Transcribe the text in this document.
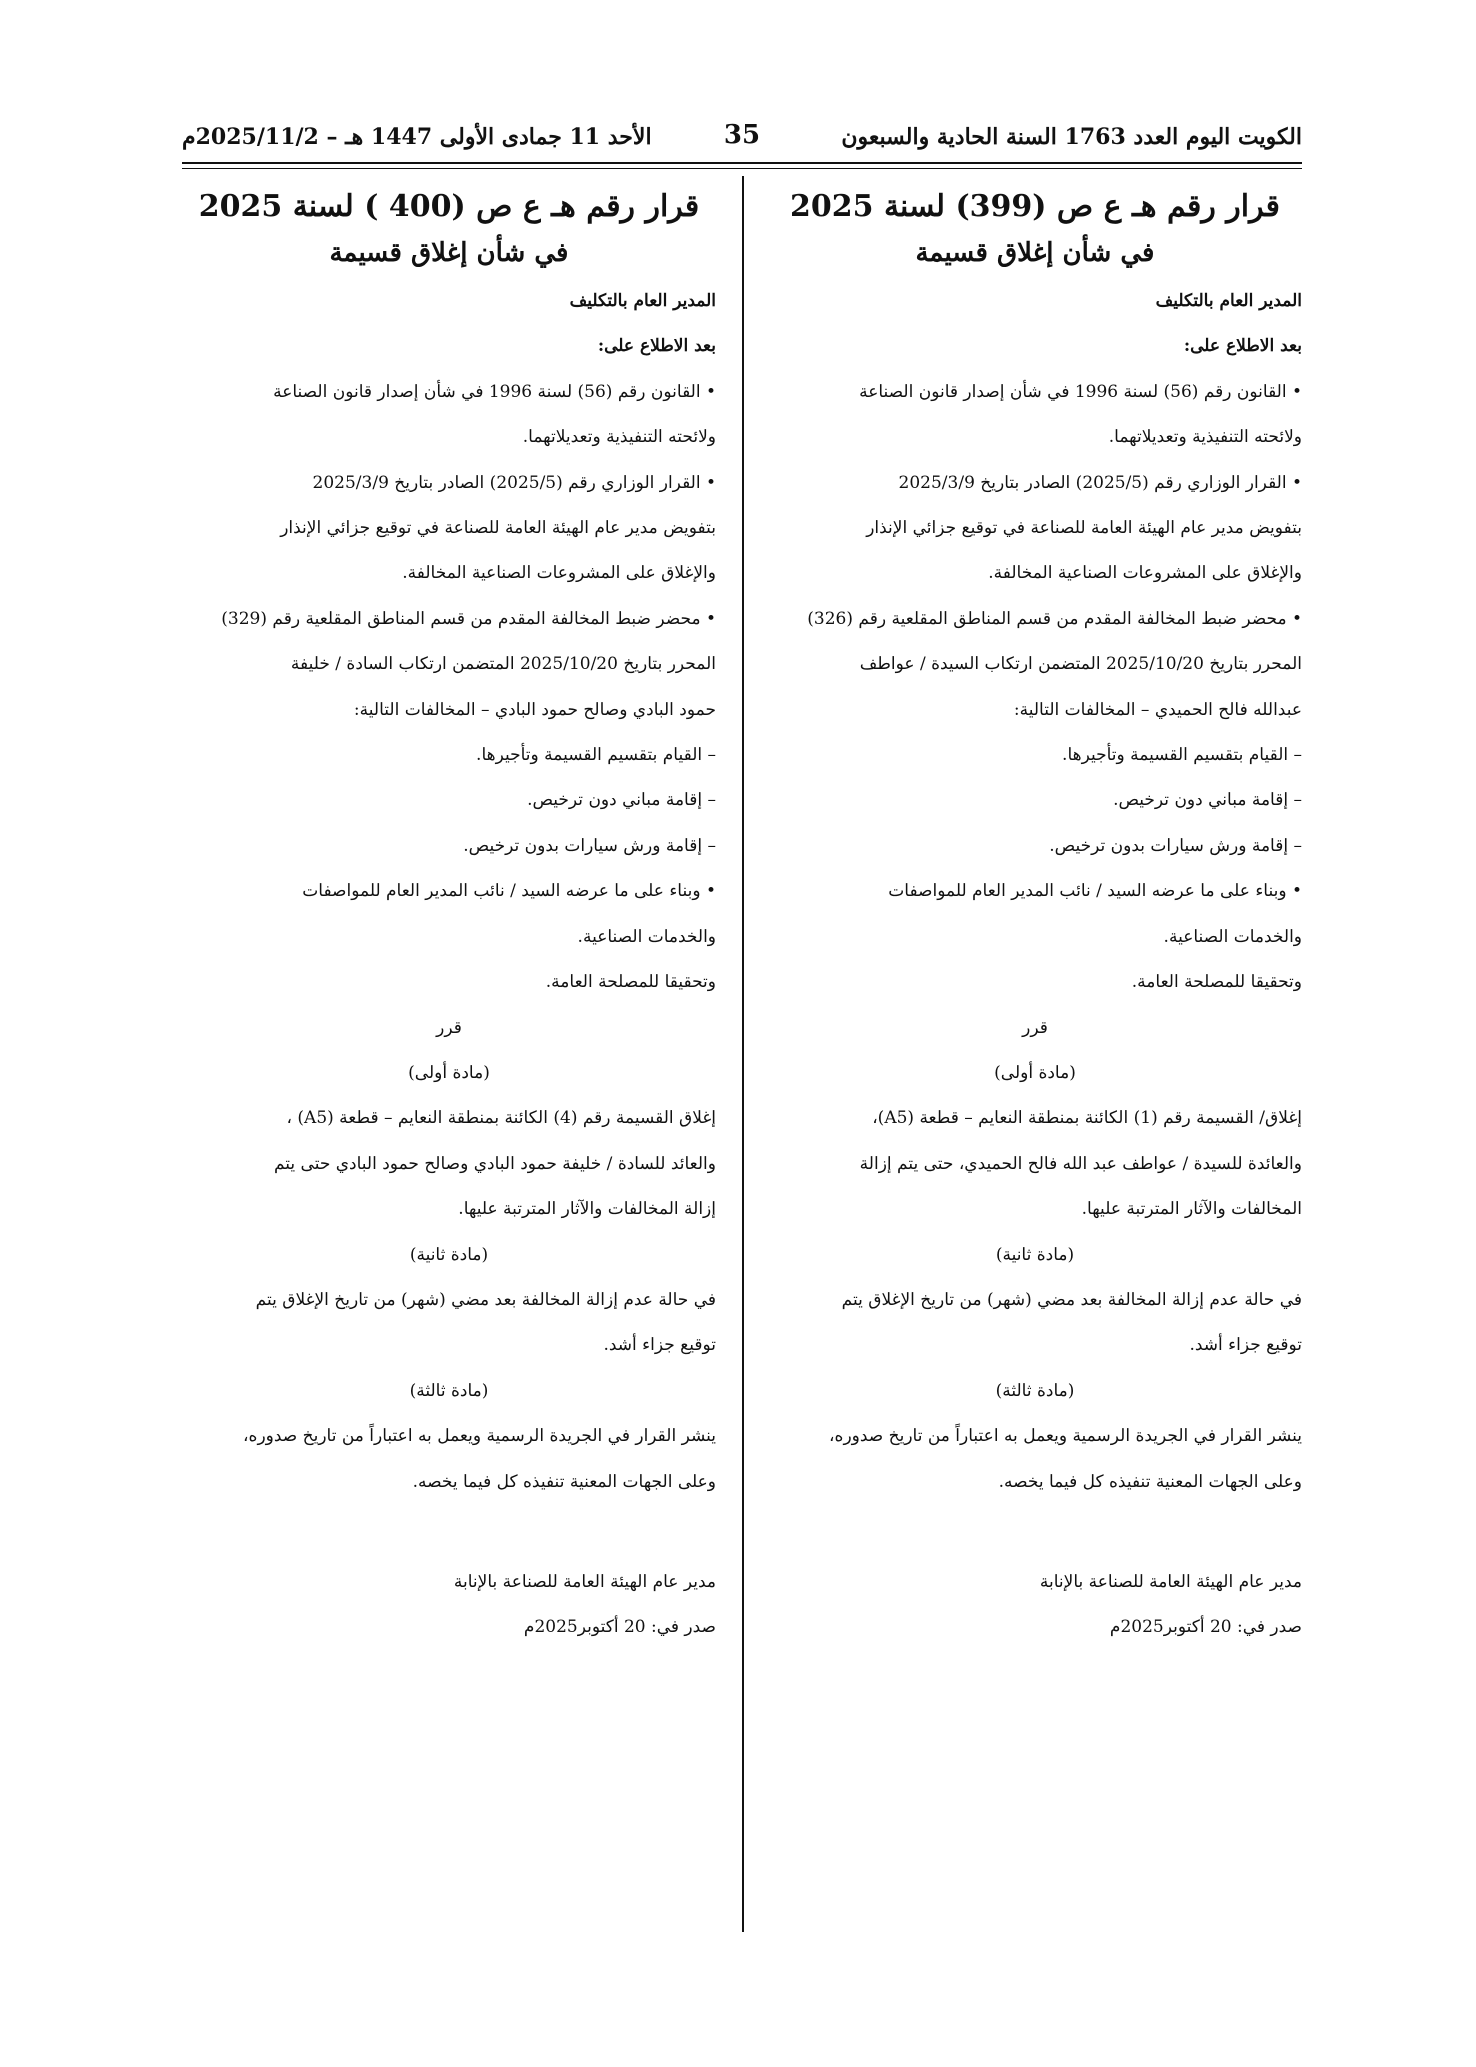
الكويت اليوم العدد 1763 السنة الحادية والسبعون
35
الأحد 11 جمادى الأولى 1447 هـ – 2025/11/2م
قرار رقم هـ ع ص (399) لسنة 2025
في شأن إغلاق قسيمة

المدير العام بالتكليف

بعد الاطلاع على:

• القانون رقم (56) لسنة 1996 في شأن إصدار قانون الصناعة

ولائحته التنفيذية وتعديلاتهما.

• القرار الوزاري رقم (2025/5) الصادر بتاريخ 2025/3/9

بتفويض مدير عام الهيئة العامة للصناعة في توقيع جزائي الإنذار

والإغلاق على المشروعات الصناعية المخالفة.

• محضر ضبط المخالفة المقدم من قسم المناطق المقلعية رقم (326)

المحرر بتاريخ 2025/10/20 المتضمن ارتكاب السيدة / عواطف

عبدالله فالح الحميدي – المخالفات التالية:

– القيام بتقسيم القسيمة وتأجيرها.

– إقامة مباني دون ترخيص.

– إقامة ورش سيارات بدون ترخيص.

• وبناء على ما عرضه السيد / نائب المدير العام للمواصفات

والخدمات الصناعية.

وتحقيقا للمصلحة العامة.

قرر

(مادة أولى)

إغلاق/ القسيمة رقم (1) الكائنة بمنطقة النعايم – قطعة (A5)،

والعائدة للسيدة / عواطف عبد الله فالح الحميدي، حتى يتم إزالة

المخالفات والآثار المترتبة عليها.

(مادة ثانية)

في حالة عدم إزالة المخالفة بعد مضي (شهر) من تاريخ الإغلاق يتم

توقيع جزاء أشد.

(مادة ثالثة)

ينشر القرار في الجريدة الرسمية ويعمل به اعتباراً من تاريخ صدوره،

وعلى الجهات المعنية تنفيذه كل فيما يخصه.

مدير عام الهيئة العامة للصناعة بالإنابة

صدر في: 20 أكتوبر2025م

قرار رقم هـ ع ص (400 ) لسنة 2025
في شأن إغلاق قسيمة

المدير العام بالتكليف

بعد الاطلاع على:

• القانون رقم (56) لسنة 1996 في شأن إصدار قانون الصناعة

ولائحته التنفيذية وتعديلاتهما.

• القرار الوزاري رقم (2025/5) الصادر بتاريخ 2025/3/9

بتفويض مدير عام الهيئة العامة للصناعة في توقيع جزائي الإنذار

والإغلاق على المشروعات الصناعية المخالفة.

• محضر ضبط المخالفة المقدم من قسم المناطق المقلعية رقم (329)

المحرر بتاريخ 2025/10/20 المتضمن ارتكاب السادة / خليفة

حمود البادي وصالح حمود البادي – المخالفات التالية:

– القيام بتقسيم القسيمة وتأجيرها.

– إقامة مباني دون ترخيص.

– إقامة ورش سيارات بدون ترخيص.

• وبناء على ما عرضه السيد / نائب المدير العام للمواصفات

والخدمات الصناعية.

وتحقيقا للمصلحة العامة.

قرر

(مادة أولى)

إغلاق القسيمة رقم (4) الكائنة بمنطقة النعايم – قطعة (A5) ،

والعائد للسادة / خليفة حمود البادي وصالح حمود البادي حتى يتم

إزالة المخالفات والآثار المترتبة عليها.

(مادة ثانية)

في حالة عدم إزالة المخالفة بعد مضي (شهر) من تاريخ الإغلاق يتم

توقيع جزاء أشد.

(مادة ثالثة)

ينشر القرار في الجريدة الرسمية ويعمل به اعتباراً من تاريخ صدوره،

وعلى الجهات المعنية تنفيذه كل فيما يخصه.

مدير عام الهيئة العامة للصناعة بالإنابة

صدر في: 20 أكتوبر2025م
